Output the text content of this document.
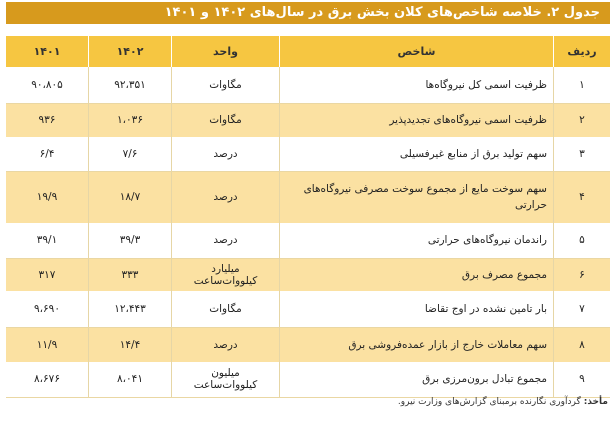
جدول ۲. خلاصه شاخص‌های کلان بخش برق در سال‌های ۱۴۰۲ و ۱۴۰۱
ردیف	شاخص	واحد	۱۴۰۲	۱۴۰۱
۱	ظرفیت اسمی کل نیروگاه‌ها	مگاوات	۹۲،۳۵۱	۹۰،۸۰۵
۲	ظرفیت اسمی نیروگاه‌های تجدیدپذیر	مگاوات	۱،۰۳۶	۹۳۶
۳	سهم تولید برق از منابع غیرفسیلی	درصد	۷/۶	۶/۴
۴	سهم سوخت مایع از مجموع سوخت مصرفی نیروگاه‌های حرارتی	درصد	۱۸/۷	۱۹/۹
۵	راندمان نیروگاه‌های حرارتی	درصد	۳۹/۳	۳۹/۱
۶	مجموع مصرف برق	میلیارد کیلووات‌ساعت	۳۳۳	۳۱۷
۷	بار تامین نشده در اوج تقاضا	مگاوات	۱۲،۴۴۳	۹،۶۹۰
۸	سهم معاملات خارج از بازار عمده‌فروشی برق	درصد	۱۴/۴	۱۱/۹
۹	مجموع تبادل برون‌مرزی برق	میلیون کیلووات‌ساعت	۸،۰۴۱	۸،۶۷۶
مأخذ:گردآوری نگارنده برمبنای گزارش‌های وزارت نیرو.
